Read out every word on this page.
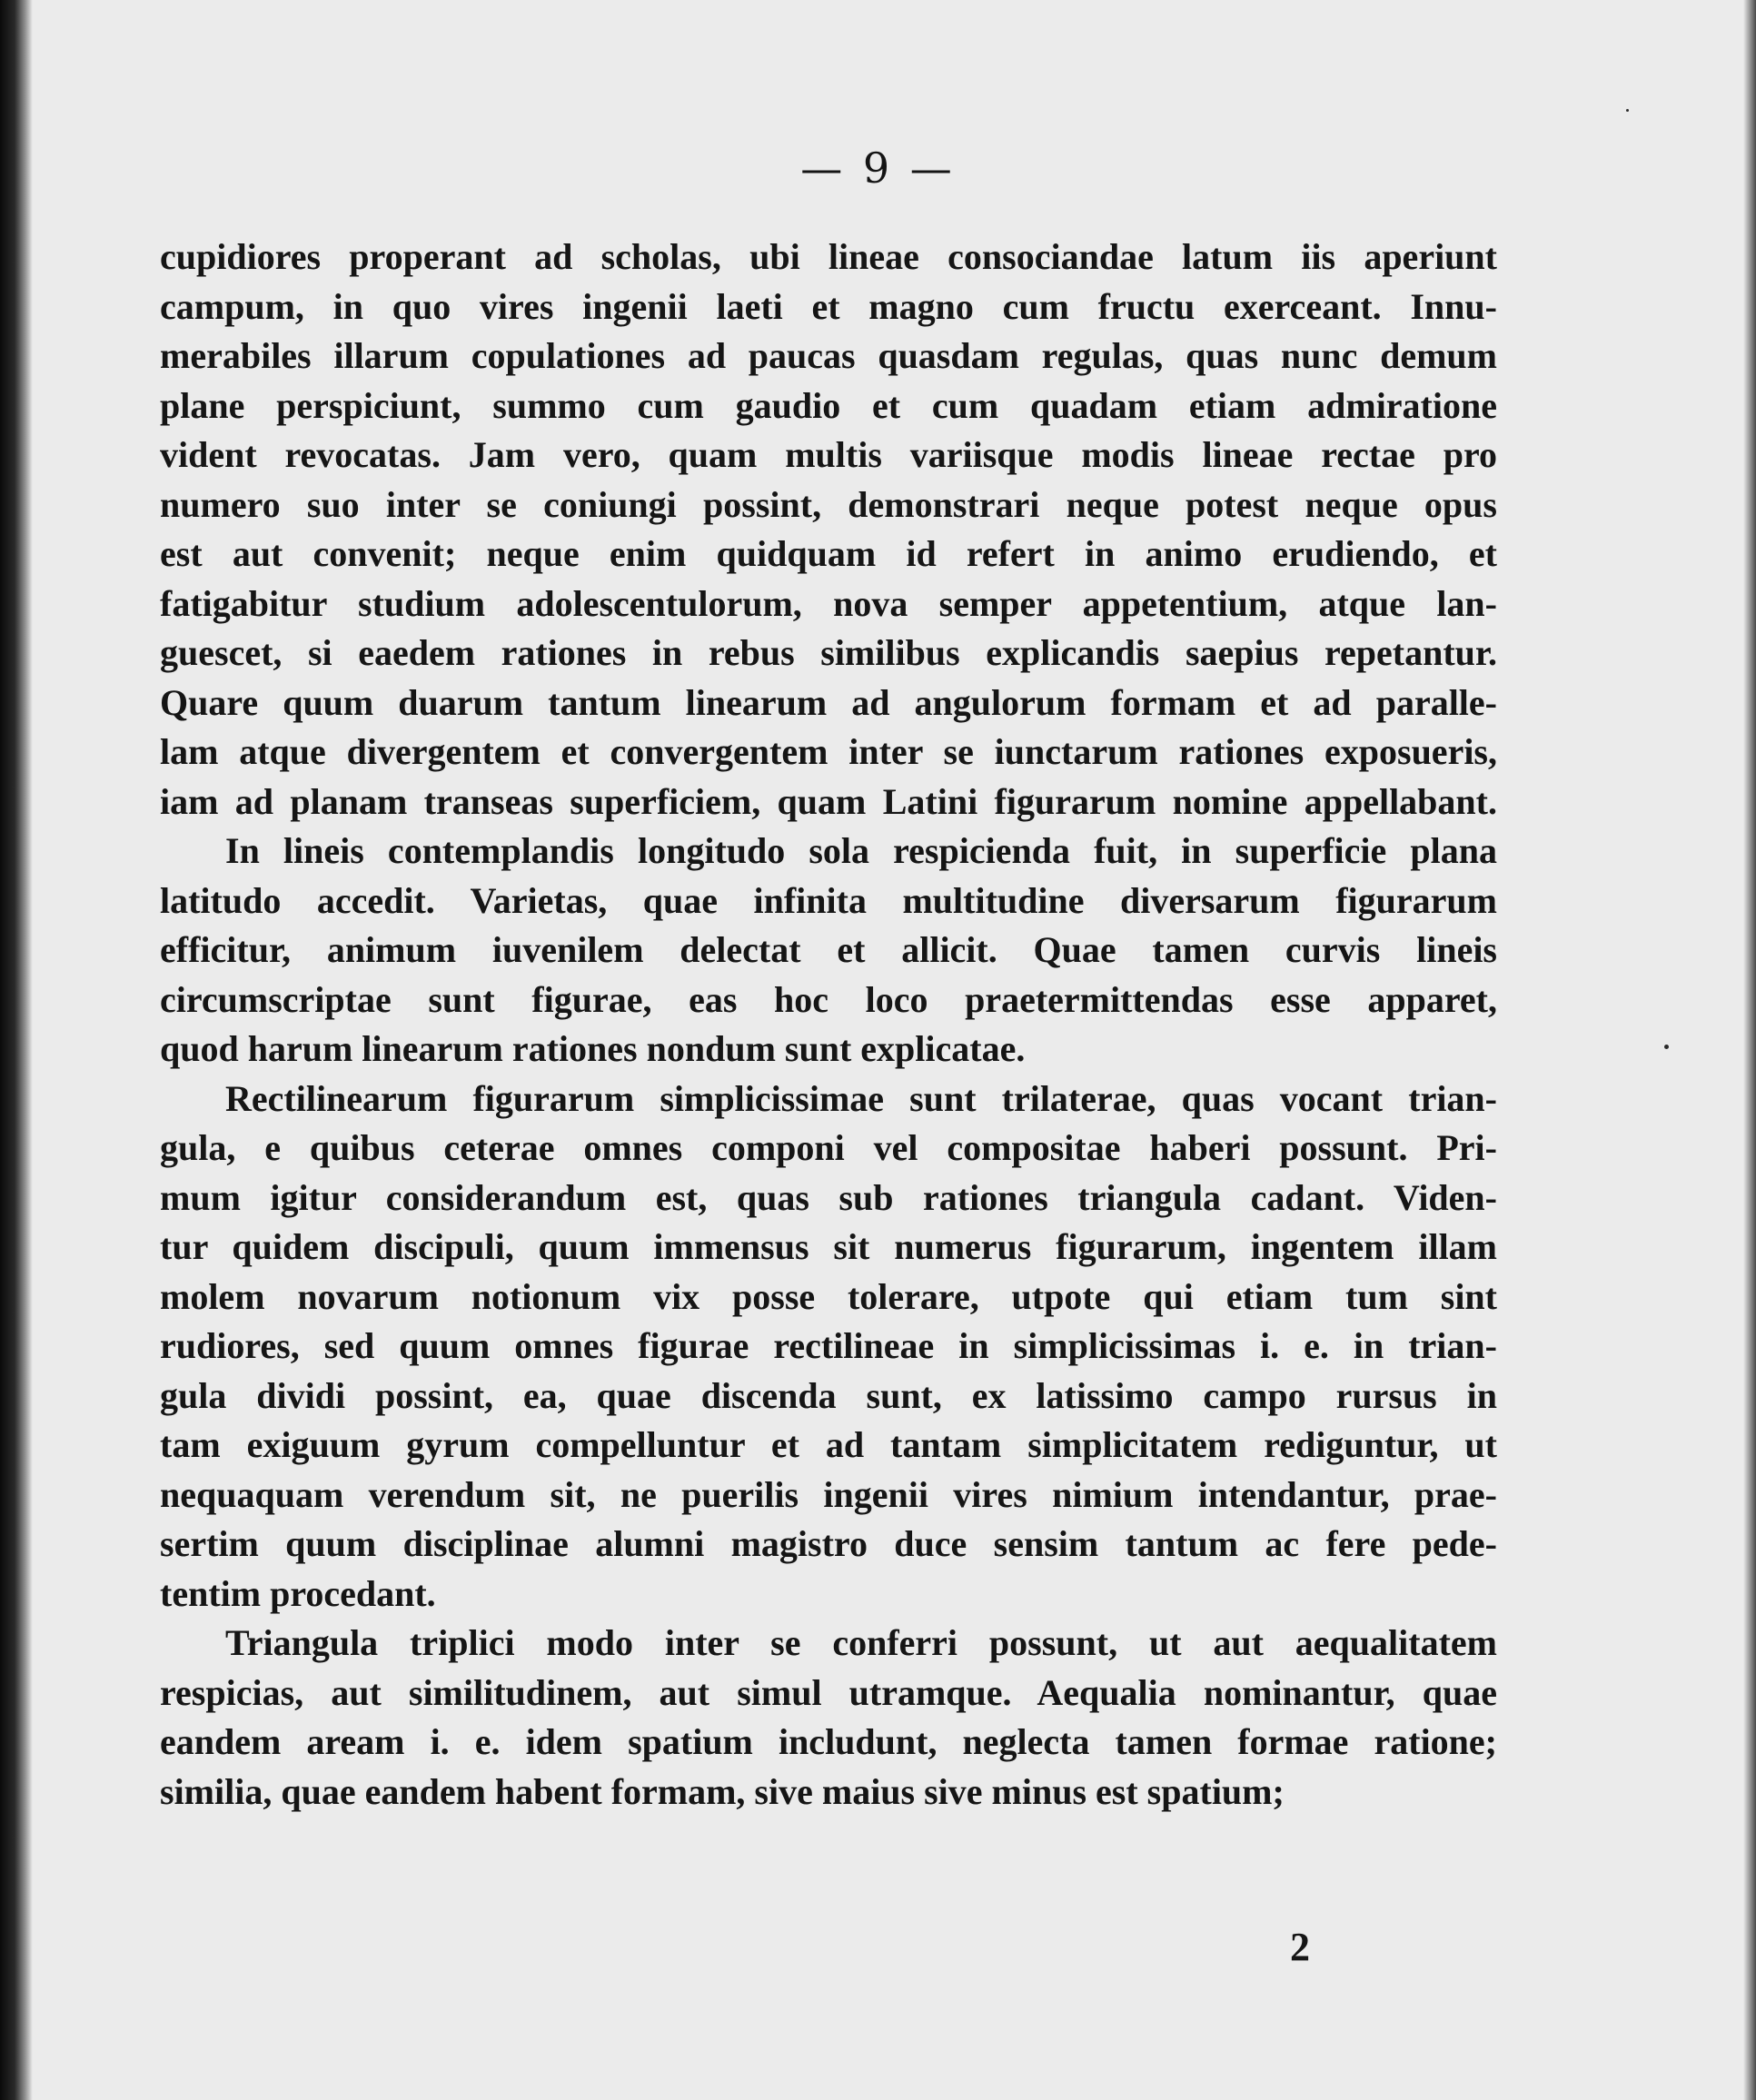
— 9 —

cupidiores properant ad scholas, ubi lineae consociandae latum iis aperiunt
campum, in quo vires ingenii laeti et magno cum fructu exerceant. Innu-
merabiles illarum copulationes ad paucas quasdam regulas, quas nunc demum
plane perspiciunt, summo cum gaudio et cum quadam etiam admiratione
vident revocatas. Jam vero, quam multis variisque modis lineae rectae pro
numero suo inter se coniungi possint, demonstrari neque potest neque opus
est aut convenit; neque enim quidquam id refert in animo erudiendo, et
fatigabitur studium adolescentulorum, nova semper appetentium, atque lan-
guescet, si eaedem rationes in rebus similibus explicandis saepius repetantur.
Quare quum duarum tantum linearum ad angulorum formam et ad paralle-
lam atque divergentem et convergentem inter se iunctarum rationes exposueris,
iam ad planam transeas superficiem, quam Latini figurarum nomine appellabant.

In lineis contemplandis longitudo sola respicienda fuit, in superficie plana
latitudo accedit. Varietas, quae infinita multitudine diversarum figurarum
efficitur, animum iuvenilem delectat et allicit. Quae tamen curvis lineis
circumscriptae sunt figurae, eas hoc loco praetermittendas esse apparet,
quod harum linearum rationes nondum sunt explicatae.

Rectilinearum figurarum simplicissimae sunt trilaterae, quas vocant trian-
gula, e quibus ceterae omnes componi vel compositae haberi possunt. Pri-
mum igitur considerandum est, quas sub rationes triangula cadant. Viden-
tur quidem discipuli, quum immensus sit numerus figurarum, ingentem illam
molem novarum notionum vix posse tolerare, utpote qui etiam tum sint
rudiores, sed quum omnes figurae rectilineae in simplicissimas i. e. in trian-
gula dividi possint, ea, quae discenda sunt, ex latissimo campo rursus in
tam exiguum gyrum compelluntur et ad tantam simplicitatem rediguntur, ut
nequaquam verendum sit, ne puerilis ingenii vires nimium intendantur, prae-
sertim quum disciplinae alumni magistro duce sensim tantum ac fere pede-
tentim procedant.

Triangula triplici modo inter se conferri possunt, ut aut aequalitatem
respicias, aut similitudinem, aut simul utramque. Aequalia nominantur, quae
eandem aream i. e. idem spatium includunt, neglecta tamen formae ratione;
similia, quae eandem habent formam, sive maius sive minus est spatium;

2
